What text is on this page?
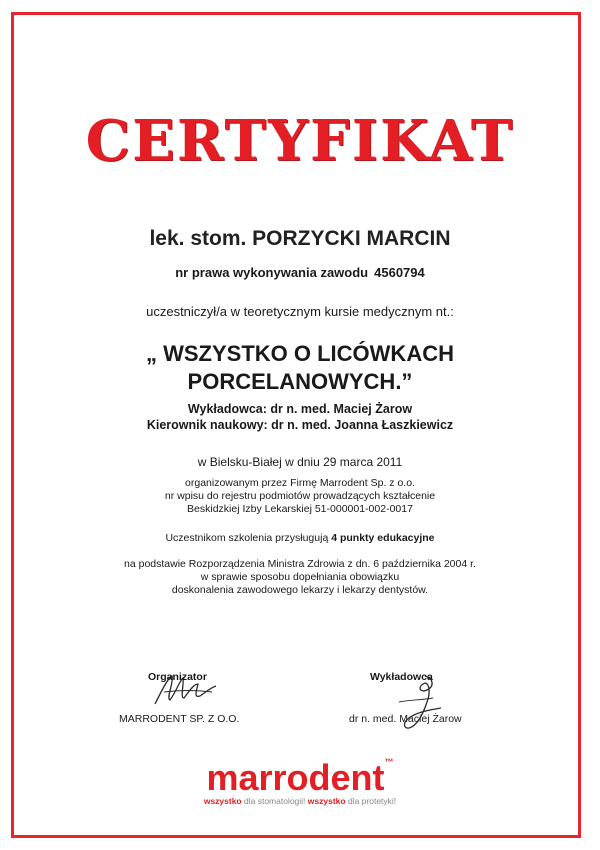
CERTYFIKAT
lek. stom. PORZYCKI MARCIN
nr prawa wykonywania zawodu 4560794
uczestniczył/a w teoretycznym kursie medycznym nt.:
„ WSZYSTKO O LICÓWKACH
PORCELANOWYCH.”
Wykładowca: dr n. med. Maciej Żarow
Kierownik naukowy: dr n. med. Joanna Łaszkiewicz
w Bielsku-Białej w dniu 29 marca 2011
organizowanym przez Firmę Marrodent Sp. z o.o.
nr wpisu do rejestru podmiotów prowadzących kształcenie
Beskidzkiej Izby Lekarskiej 51-000001-002-0017
Uczestnikom szkolenia przysługują 4 punkty edukacyjne
na podstawie Rozporządzenia Ministra Zdrowia z dn. 6 października 2004 r.
w sprawie sposobu dopełniania obowiązku
doskonalenia zawodowego lekarzy i lekarzy dentystów.
Organizator
MARRODENT SP. Z O.O.
Wykładowca
dr n. med. Maciej Żarow
marrodent™
wszystko dla stomatologii! wszystko dla protetyki!
